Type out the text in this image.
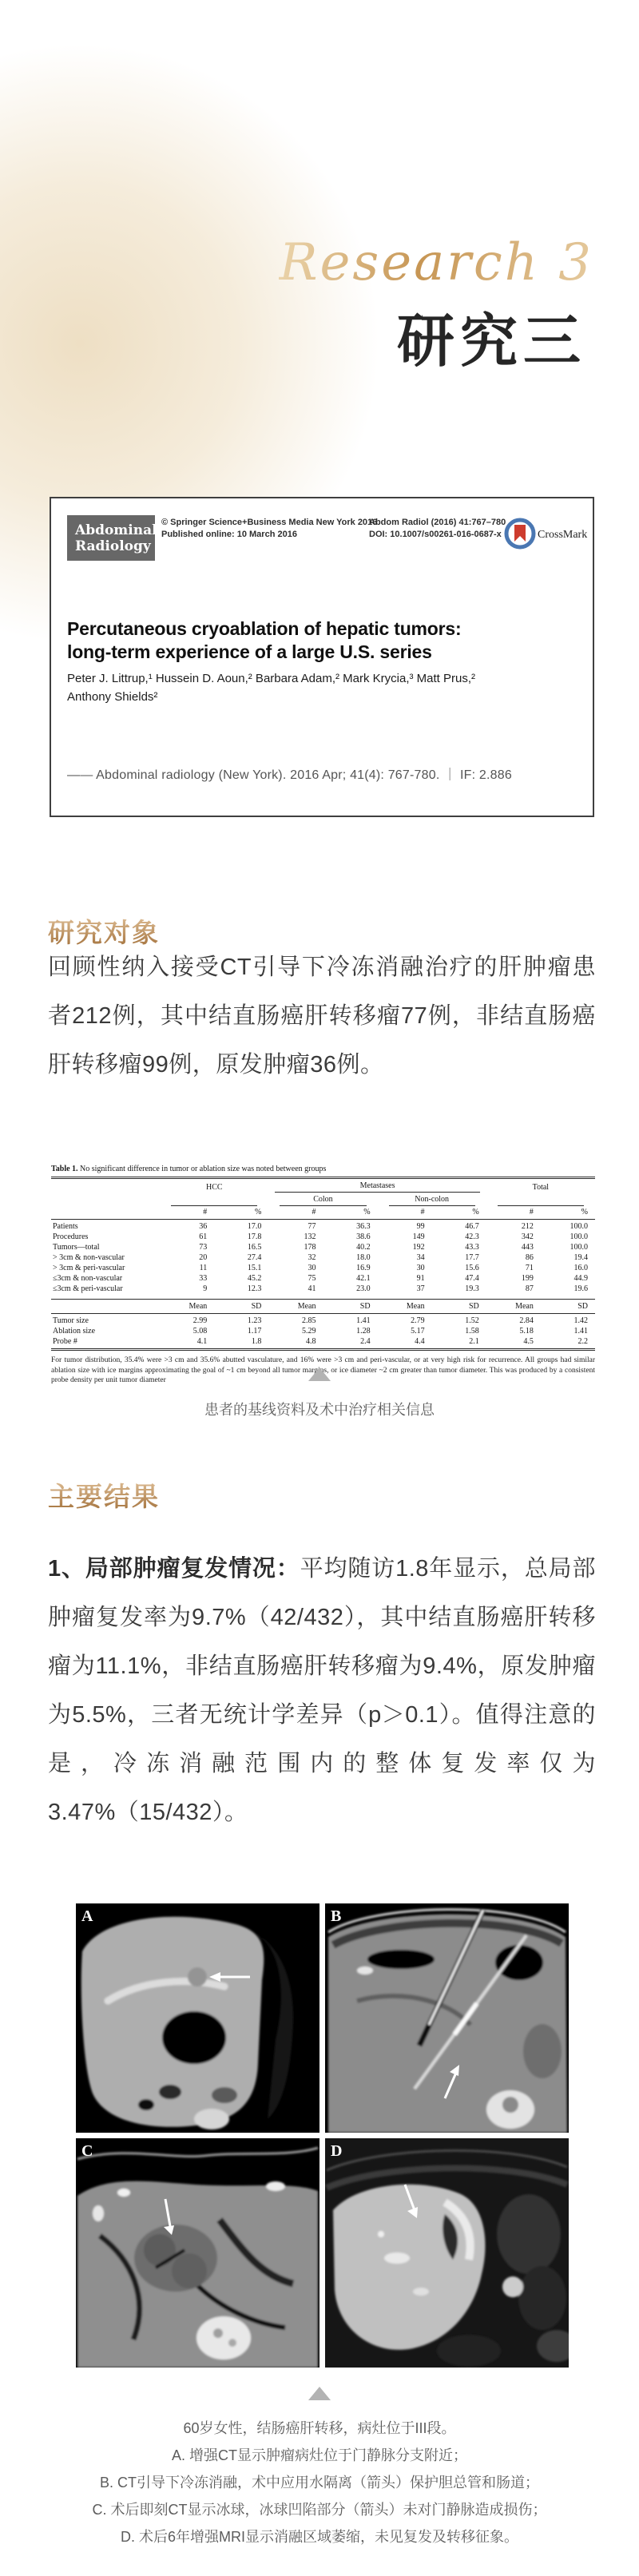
Research 3
研究三
Abdominal
Radiology
© Springer Science+Business Media New York 2016
Published online: 10 March 2016
Abdom Radiol (2016) 41:767–780
DOI: 10.1007/s00261-016-0687-x	CrossMark
Percutaneous cryoablation of hepatic tumors:
long-term experience of a large U.S. series
Peter J. Littrup,¹ Hussein D. Aoun,² Barbara Adam,² Mark Krycia,³ Matt Prus,²
Anthony Shields²
—— Abdominal radiology (New York). 2016 Apr; 41(4): 767-780. ｜ IF: 2.886
研究对象
回顾性纳入接受CT引导下冷冻消融治疗的肝肿瘤患者212例，其中结直肠癌肝转移瘤77例，非结直肠癌肝转移瘤99例，原发肿瘤36例。
Table 1. No significant difference in tumor or ablation size was noted between groups
	HCC		Metastases				Total	

			Colon		Non-colon			

	#	%	#	%	#	%	#	%
Patients	36	17.0	77	36.3	99	46.7	212	100.0
Procedures	61	17.8	132	38.6	149	42.3	342	100.0
Tumors—total	73	16.5	178	40.2	192	43.3	443	100.0
> 3cm & non-vascular	20	27.4	32	18.0	34	17.7	86	19.4
> 3cm & peri-vascular	11	15.1	30	16.9	30	15.6	71	16.0
≤3cm & non-vascular	33	45.2	75	42.1	91	47.4	199	44.9
≤3cm & peri-vascular	9	12.3	41	23.0	37	19.3	87	19.6
	Mean	SD	Mean	SD	Mean	SD	Mean	SD
Tumor size	2.99	1.23	2.85	1.41	2.79	1.52	2.84	1.42
Ablation size	5.08	1.17	5.29	1.28	5.17	1.58	5.18	1.41
Probe #	4.1	1.8	4.8	2.4	4.4	2.1	4.5	2.2
For tumor distribution, 35.4% were >3 cm and 35.6% abutted vasculature, and 16% were >3 cm and peri-vascular, or at very high risk for recurrence. All groups had similar ablation size with ice margins approximating the goal of ~1 cm beyond all tumor margins, or ice diameter ~2 cm greater than tumor diameter. This was produced by a consistent probe density per unit tumor diameter
患者的基线资料及术中治疗相关信息
主要结果
1、局部肿瘤复发情况：平均随访1.8年显示，总局部肿瘤复发率为9.7%（42/432），其中结直肠癌肝转移瘤为11.1%，非结直肠癌肝转移瘤为9.4%，原发肿瘤为5.5%，三者无统计学差异（p＞0.1）。值得注意的是，冷冻消融范围内的整体复发率仅为3.47%（15/432）。
A	B
C	D
60岁女性，结肠癌肝转移，病灶位于III段。
A. 增强CT显示肿瘤病灶位于门静脉分支附近；
B. CT引导下冷冻消融，术中应用水隔离（箭头）保护胆总管和肠道；
C. 术后即刻CT显示冰球，冰球凹陷部分（箭头）未对门静脉造成损伤；
D. 术后6年增强MRI显示消融区域萎缩，未见复发及转移征象。
